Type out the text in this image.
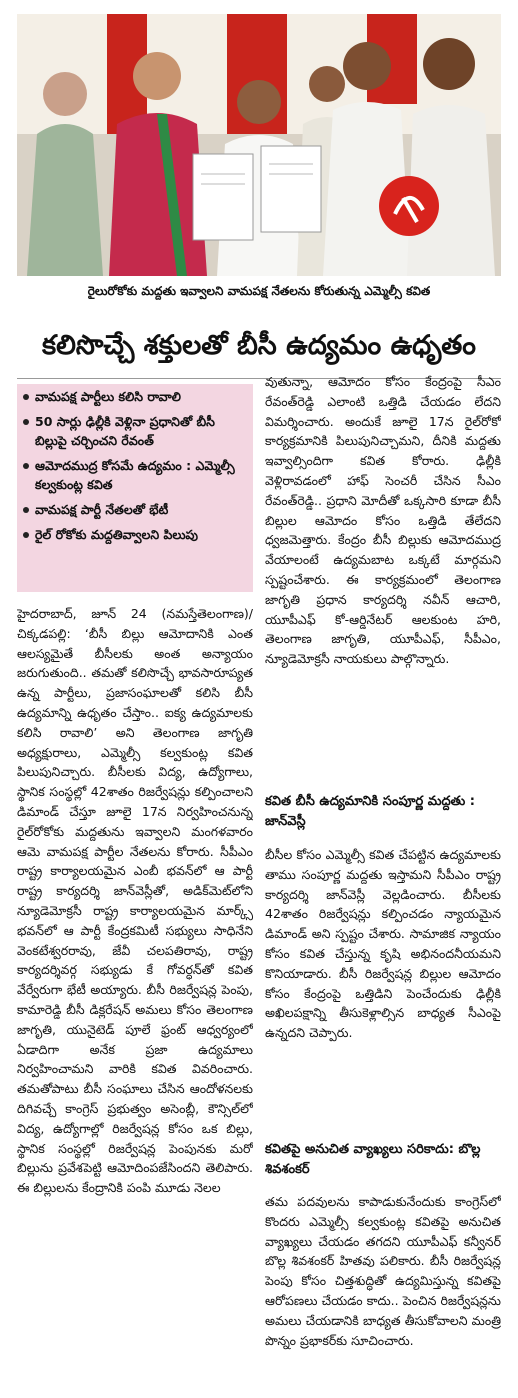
రైలురోకోకు మద్దతు ఇవ్వాలని వామపక్ష నేతలను కోరుతున్న ఎమ్మెల్సీ కవిత
కలిసొచ్చే శక్తులతో బీసీ ఉద్యమం ఉధృతం
వామపక్ష పార్టీలు కలిసి రావాలి
50 సార్లు ఢిల్లీకి వెళ్లినా ప్రధానితో బీసీ బిల్లుపై చర్చించని రేవంత్
ఆమోదముద్ర కోసమే ఉద్యమం : ఎమ్మెల్సీ కల్వకుంట్ల కవిత
వామపక్ష పార్టీ నేతలతో భేటీ
రైల్ రోకోకు మద్దతివ్వాలని పిలుపు

హైదరాబాద్, జూన్ 24 (నమస్తేతెలంగాణ)/చిక్కడపల్లి: ‘బీసీ బిల్లు ఆమోదానికి ఎంత ఆలస్యమైతే బీసీలకు అంత అన్యాయం జరుగుతుంది.. తమతో కలిసొచ్చే భావసారూప్యత ఉన్న పార్టీలు, ప్రజాసంఘాలతో కలిసి బీసీ ఉద్యమాన్ని ఉధృతం చేస్తాం.. ఐక్య ఉద్యమాలకు కలిసి రావాలి’ అని తెలంగాణ జాగృతి అధ్యక్షురాలు, ఎమ్మెల్సీ కల్వకుంట్ల కవిత పిలుపునిచ్చారు. బీసీలకు విద్య, ఉద్యోగాలు, స్థానిక సంస్థల్లో 42శాతం రిజర్వేషన్లు కల్పించాలని డిమాండ్ చేస్తూ జూలై 17న నిర్వహించనున్న రైల్‌రోకోకు మద్దతును ఇవ్వాలని మంగళవారం ఆమె వామపక్ష పార్టీల నేతలను కోరారు. సీపీఎం రాష్ట్ర కార్యాలయమైన ఎంబీ భవన్‌లో ఆ పార్టీ రాష్ట్ర కార్యదర్శి జాన్‌వెస్లీతో, అడిక్‌మెట్‌లోని న్యూడెమోక్రసీ రాష్ట్ర కార్యాలయమైన మార్క్స్ భవన్‌లో ఆ పార్టీ కేంద్రకమిటీ సభ్యులు సాధినేని వెంకటేశ్వరరావు, జేవీ చలపతిరావు, రాష్ట్ర కార్యదర్శివర్గ సభ్యుడు కే గోవర్ధన్‌తో కవిత వేర్వేరుగా భేటీ అయ్యారు. బీసీ రిజర్వేషన్ల పెంపు, కామారెడ్డి బీసీ డిక్లరేషన్ అమలు కోసం తెలంగాణ జాగృతి, యునైటెడ్ పూలే ఫ్రంట్ ఆధ్వర్యంలో ఏడాదిగా అనేక ప్రజా ఉద్యమాలు నిర్వహించామని వారికి కవిత వివరించారు. తమతోపాటు బీసీ సంఘాలు చేసిన ఆందోళనలకు దిగివచ్చే కాంగ్రెస్ ప్రభుత్వం అసెంబ్లీ, కౌన్సిల్‌లో విద్య, ఉద్యోగాల్లో రిజర్వేషన్ల కోసం ఒక బిల్లు, స్థానిక సంస్థల్లో రిజర్వేషన్ల పెంపునకు మరో బిల్లును ప్రవేశపెట్టి ఆమోదింపజేసిందని తెలిపారు. ఈ బిల్లులను కేంద్రానికి పంపి మూడు నెలల

వుతున్నా, ఆమోదం కోసం కేంద్రంపై సీఎం రేవంత్‌రెడ్డి ఎలాంటి ఒత్తిడి చేయడం లేదని విమర్శించారు. అందుకే జూలై 17న రైల్‌రోకో కార్యక్రమానికి పిలుపునిచ్చామని, దీనికి మద్దతు ఇవ్వాల్సిందిగా కవిత కోరారు. ఢిల్లీకి వెళ్లిరావడంలో హాఫ్ సెంచరీ చేసిన సీఎం రేవంత్‌రెడ్డి.. ప్రధాని మోదీతో ఒక్కసారి కూడా బీసీ బిల్లుల ఆమోదం కోసం ఒత్తిడి తేలేదని ధ్వజమెత్తారు. కేంద్రం బీసీ బిల్లుకు ఆమోదముద్ర వేయాలంటే ఉద్యమబాట ఒక్కటే మార్గమని స్పష్టంచేశారు. ఈ కార్యక్రమంలో తెలంగాణ జాగృతి ప్రధాన కార్యదర్శి నవీన్ ఆచారి, యూపీఎఫ్ కో-ఆర్డినేటర్ ఆలకుంట హరి, తెలంగాణ జాగృతి, యూపీఎఫ్, సీపీఎం, న్యూడెమోక్రసీ నాయకులు పాల్గొన్నారు.

కవిత బీసీ ఉద్యమానికి సంపూర్ణ మద్దతు : జాన్‌వెస్లీ

బీసీల కోసం ఎమ్మెల్సీ కవిత చేపట్టిన ఉద్యమాలకు తాము సంపూర్ణ మద్దతు ఇస్తామని సీపీఎం రాష్ట్ర కార్యదర్శి జాన్‌వెస్లీ వెల్లడించారు. బీసీలకు 42శాతం రిజర్వేషన్లు కల్పించడం న్యాయమైన డిమాండ్ అని స్పష్టం చేశారు. సామాజిక న్యాయం కోసం కవిత చేస్తున్న కృషి అభినందనీయమని కొనియాడారు. బీసీ రిజర్వేషన్ల బిల్లుల ఆమోదం కోసం కేంద్రంపై ఒత్తిడిని పెంచేందుకు ఢిల్లీకి అఖిలపక్షాన్ని తీసుకెళ్లాల్సిన బాధ్యత సీఎంపై ఉన్నదని చెప్పారు.

కవితపై అనుచిత వ్యాఖ్యలు సరికాదు: బొల్ల శివశంకర్

తమ పదవులను కాపాడుకునేందుకు కాంగ్రెస్‌లో కొందరు ఎమ్మెల్సీ కల్వకుంట్ల కవితపై అనుచిత వ్యాఖ్యలు చేయడం తగదని యూపీఎఫ్ కన్వీనర్ బొల్ల శివశంకర్ హితవు పలికారు. బీసీ రిజర్వేషన్ల పెంపు కోసం చిత్తశుద్ధితో ఉద్యమిస్తున్న కవితపై ఆరోపణలు చేయడం కాదు.. పెంచిన రిజర్వేషన్లను అమలు చేయడానికి బాధ్యత తీసుకోవాలని మంత్రి పొన్నం ప్రభాకర్‌కు సూచించారు.
